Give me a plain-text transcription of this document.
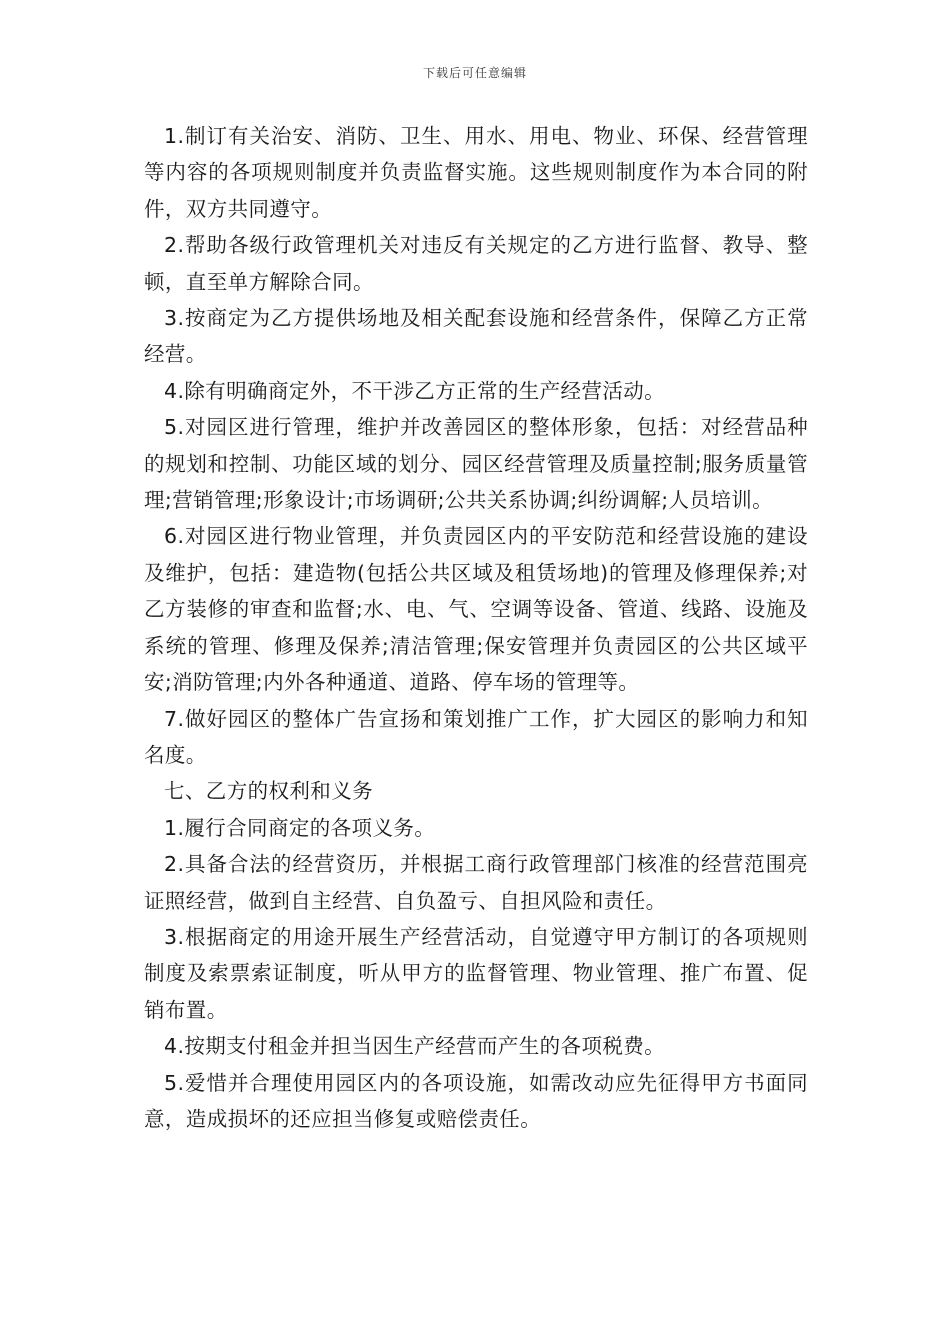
下载后可任意编辑

1.制订有关治安、消防、卫生、用水、用电、物业、环保、经营管理等内容的各项规则制度并负责监督实施。这些规则制度作为本合同的附件，双方共同遵守。

2.帮助各级行政管理机关对违反有关规定的乙方进行监督、教导、整顿，直至单方解除合同。

3.按商定为乙方提供场地及相关配套设施和经营条件，保障乙方正常经营。

4.除有明确商定外，不干涉乙方正常的生产经营活动。

5.对园区进行管理，维护并改善园区的整体形象，包括：对经营品种的规划和控制、功能区域的划分、园区经营管理及质量控制;服务质量管理;营销管理;形象设计;市场调研;公共关系协调;纠纷调解;人员培训。

6.对园区进行物业管理，并负责园区内的平安防范和经营设施的建设及维护，包括：建造物(包括公共区域及租赁场地)的管理及修理保养;对乙方装修的审查和监督;水、电、气、空调等设备、管道、线路、设施及系统的管理、修理及保养;清洁管理;保安管理并负责园区的公共区域平安;消防管理;内外各种通道、道路、停车场的管理等。

7.做好园区的整体广告宣扬和策划推广工作，扩大园区的影响力和知名度。

七、乙方的权利和义务

1.履行合同商定的各项义务。

2.具备合法的经营资历，并根据工商行政管理部门核准的经营范围亮证照经营，做到自主经营、自负盈亏、自担风险和责任。

3.根据商定的用途开展生产经营活动，自觉遵守甲方制订的各项规则制度及索票索证制度，听从甲方的监督管理、物业管理、推广布置、促销布置。

4.按期支付租金并担当因生产经营而产生的各项税费。

5.爱惜并合理使用园区内的各项设施，如需改动应先征得甲方书面同意，造成损坏的还应担当修复或赔偿责任。
